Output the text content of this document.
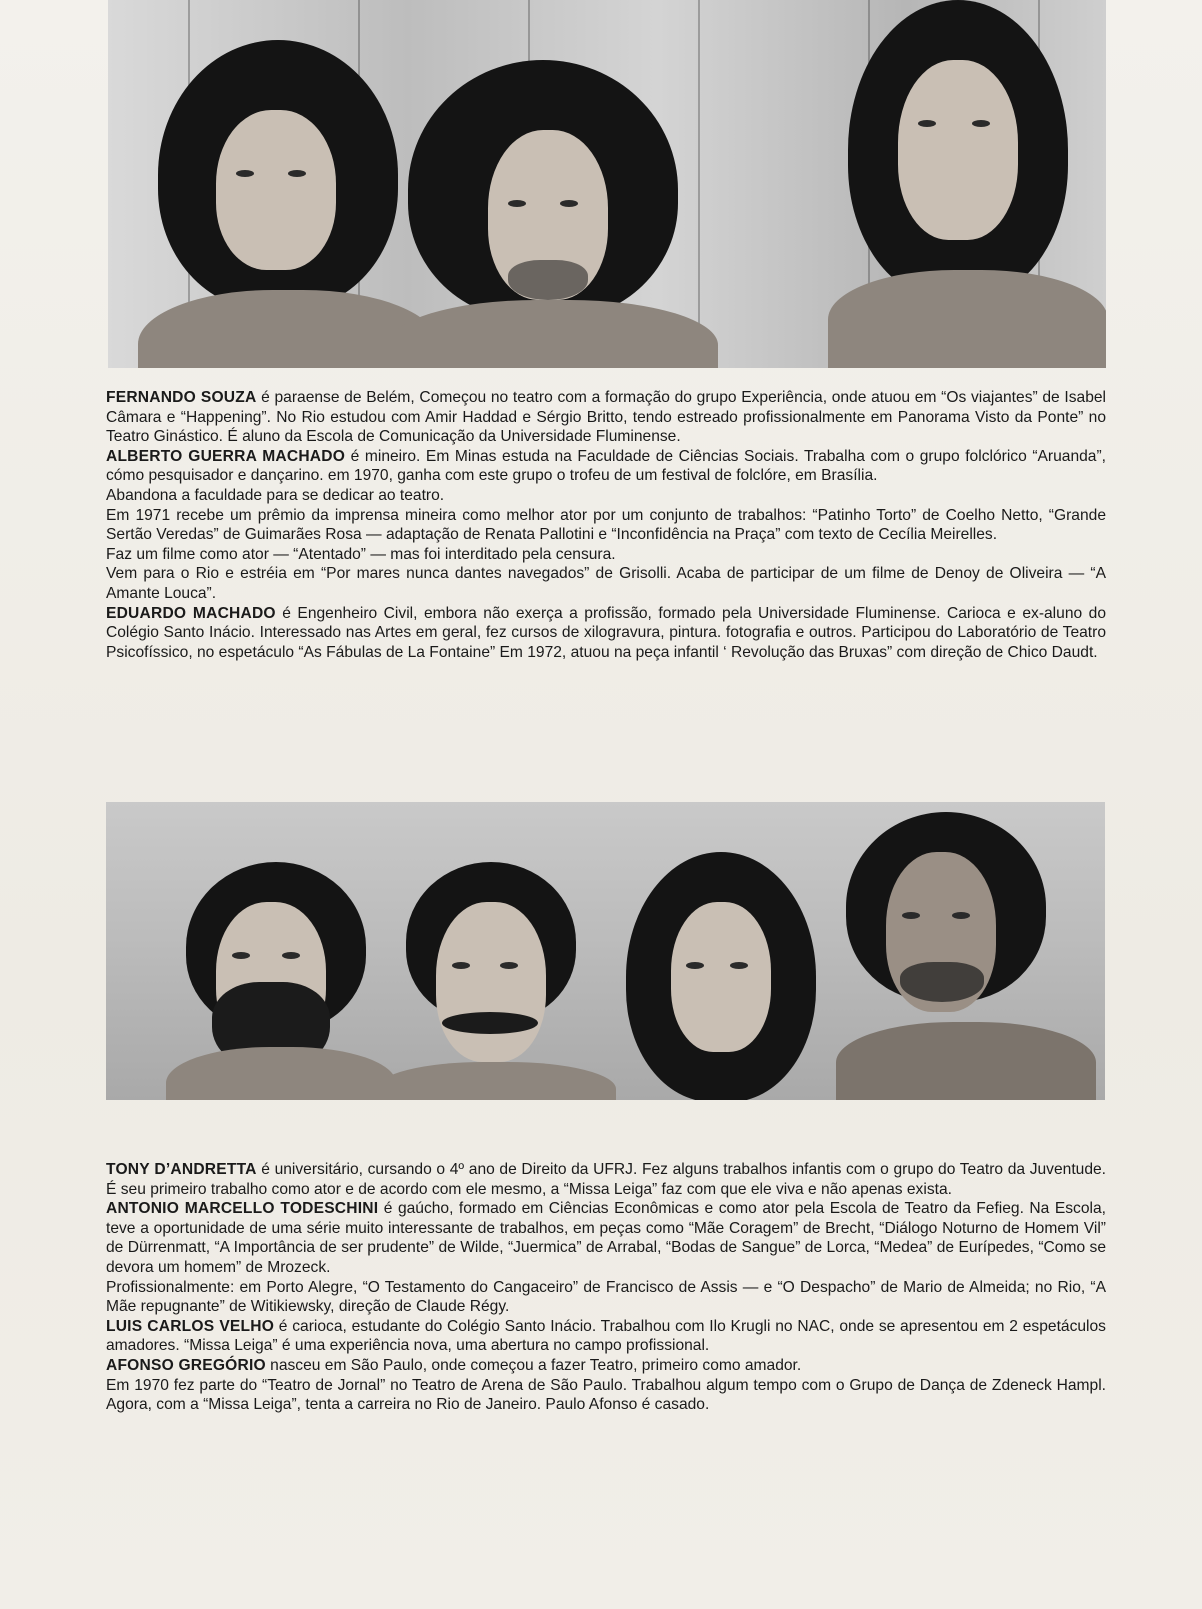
FERNANDO SOUZA é paraense de Belém, Começou no teatro com a formação do grupo Experiência, onde atuou em “Os viajantes” de Isabel Câmara e “Happening”. No Rio estudou com Amir Haddad e Sérgio Britto, tendo estreado profissionalmente em Panorama Visto da Ponte” no Teatro Ginástico. É aluno da Escola de Comunicação da Universidade Fluminense.

ALBERTO GUERRA MACHADO é mineiro. Em Minas estuda na Faculdade de Ciências Sociais. Trabalha com o grupo folclórico “Aruanda”, cómo pesquisador e dançarino. em 1970, ganha com este grupo o trofeu de um festival de folclóre, em Brasília.

Abandona a faculdade para se dedicar ao teatro.

Em 1971 recebe um prêmio da imprensa mineira como melhor ator por um conjunto de trabalhos: “Patinho Torto” de Coelho Netto, “Grande Sertão Veredas” de Guimarães Rosa — adaptação de Renata Pallotini e “Inconfidência na Praça” com texto de Cecília Meirelles.

Faz um filme como ator — “Atentado” — mas foi interditado pela censura.

Vem para o Rio e estréia em “Por mares nunca dantes navegados” de Grisolli. Acaba de participar de um filme de Denoy de Oliveira — “A Amante Louca”.

EDUARDO MACHADO é Engenheiro Civil, embora não exerça a profissão, formado pela Universidade Fluminense. Carioca e ex-aluno do Colégio Santo Inácio. Interessado nas Artes em geral, fez cursos de xilogravura, pintura. fotografia e outros. Participou do Laboratório de Teatro Psicofíssico, no espetáculo “As Fábulas de La Fontaine” Em 1972, atuou na peça infantil ‘ Revolução das Bruxas” com direção de Chico Daudt.

TONY D’ANDRETTA é universitário, cursando o 4º ano de Direito da UFRJ. Fez alguns trabalhos infantis com o grupo do Teatro da Juventude. É seu primeiro trabalho como ator e de acordo com ele mesmo, a “Missa Leiga” faz com que ele viva e não apenas exista.

ANTONIO MARCELLO TODESCHINI é gaúcho, formado em Ciências Econômicas e como ator pela Escola de Teatro da Fefieg. Na Escola, teve a oportunidade de uma série muito interessante de trabalhos, em peças como “Mãe Coragem” de Brecht, “Diálogo Noturno de Homem Vil” de Dürrenmatt, “A Importância de ser prudente” de Wilde, “Juermica” de Arrabal, “Bodas de Sangue” de Lorca, “Medea” de Eurípedes, “Como se devora um homem” de Mrozeck.

Profissionalmente: em Porto Alegre, “O Testamento do Cangaceiro” de Francisco de Assis — e “O Despacho” de Mario de Almeida; no Rio, “A Mãe repugnante” de Witikiewsky, direção de Claude Régy.

LUIS CARLOS VELHO é carioca, estudante do Colégio Santo Inácio. Trabalhou com Ilo Krugli no NAC, onde se apresentou em 2 espetáculos amadores. “Missa Leiga” é uma experiência nova, uma abertura no campo profissional.

AFONSO GREGÓRIO nasceu em São Paulo, onde começou a fazer Teatro, primeiro como amador.

Em 1970 fez parte do “Teatro de Jornal” no Teatro de Arena de São Paulo. Trabalhou algum tempo com o Grupo de Dança de Zdeneck Hampl. Agora, com a “Missa Leiga”, tenta a carreira no Rio de Janeiro. Paulo Afonso é casado.
